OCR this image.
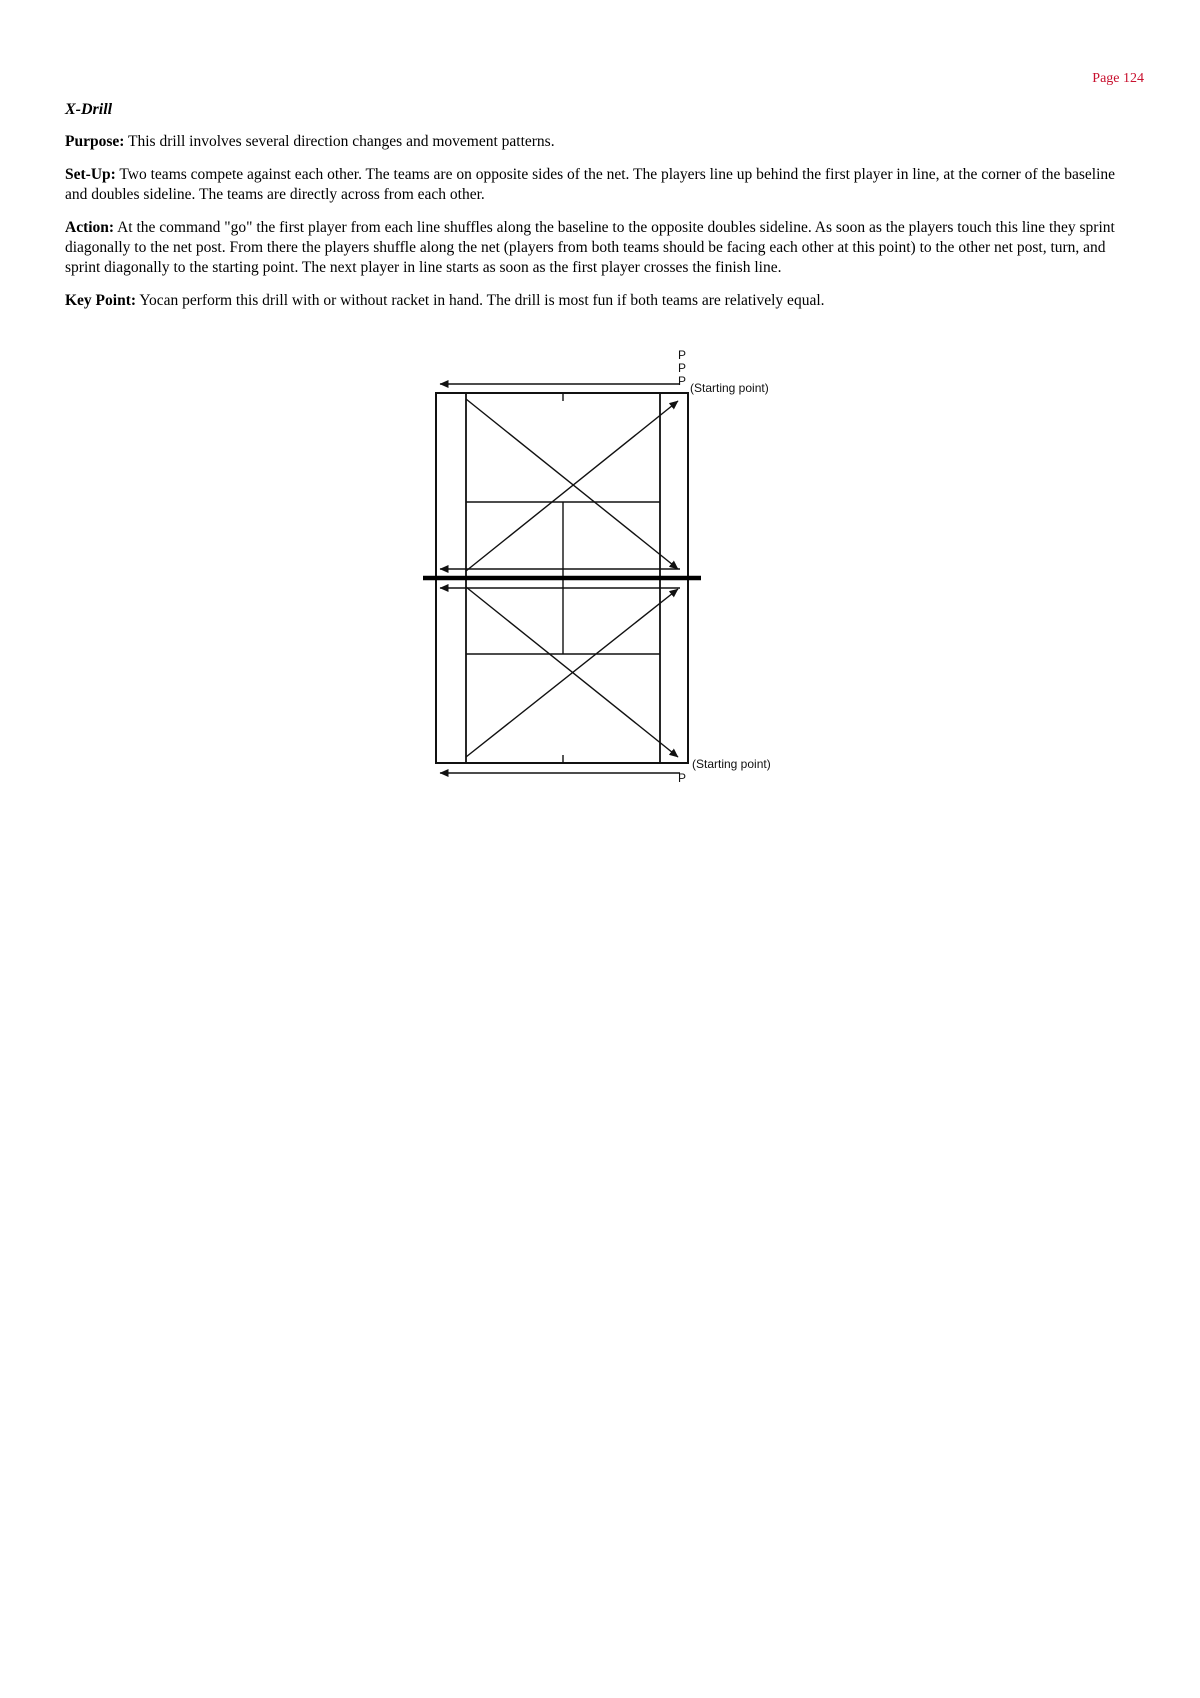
Page 124
X-Drill

Purpose: This drill involves several direction changes and movement patterns.

Set-Up: Two teams compete against each other. The teams are on opposite sides of the net. The players line up behind the first player in line, at the corner of the baseline and doubles sideline. The teams are directly across from each other.

Action: At the command "go" the first player from each line shuffles along the baseline to the opposite doubles sideline. As soon as the players touch this line they sprint diagonally to the net post. From there the players shuffle along the net (players from both teams should be facing each other at this point) to the other net post, turn, and sprint diagonally to the starting point. The next player in line starts as soon as the first player crosses the finish line.

Key Point: Yocan perform this drill with or without racket in hand. The drill is most fun if both teams are relatively equal.

P
P
P (Starting point)
(Starting point)
P
